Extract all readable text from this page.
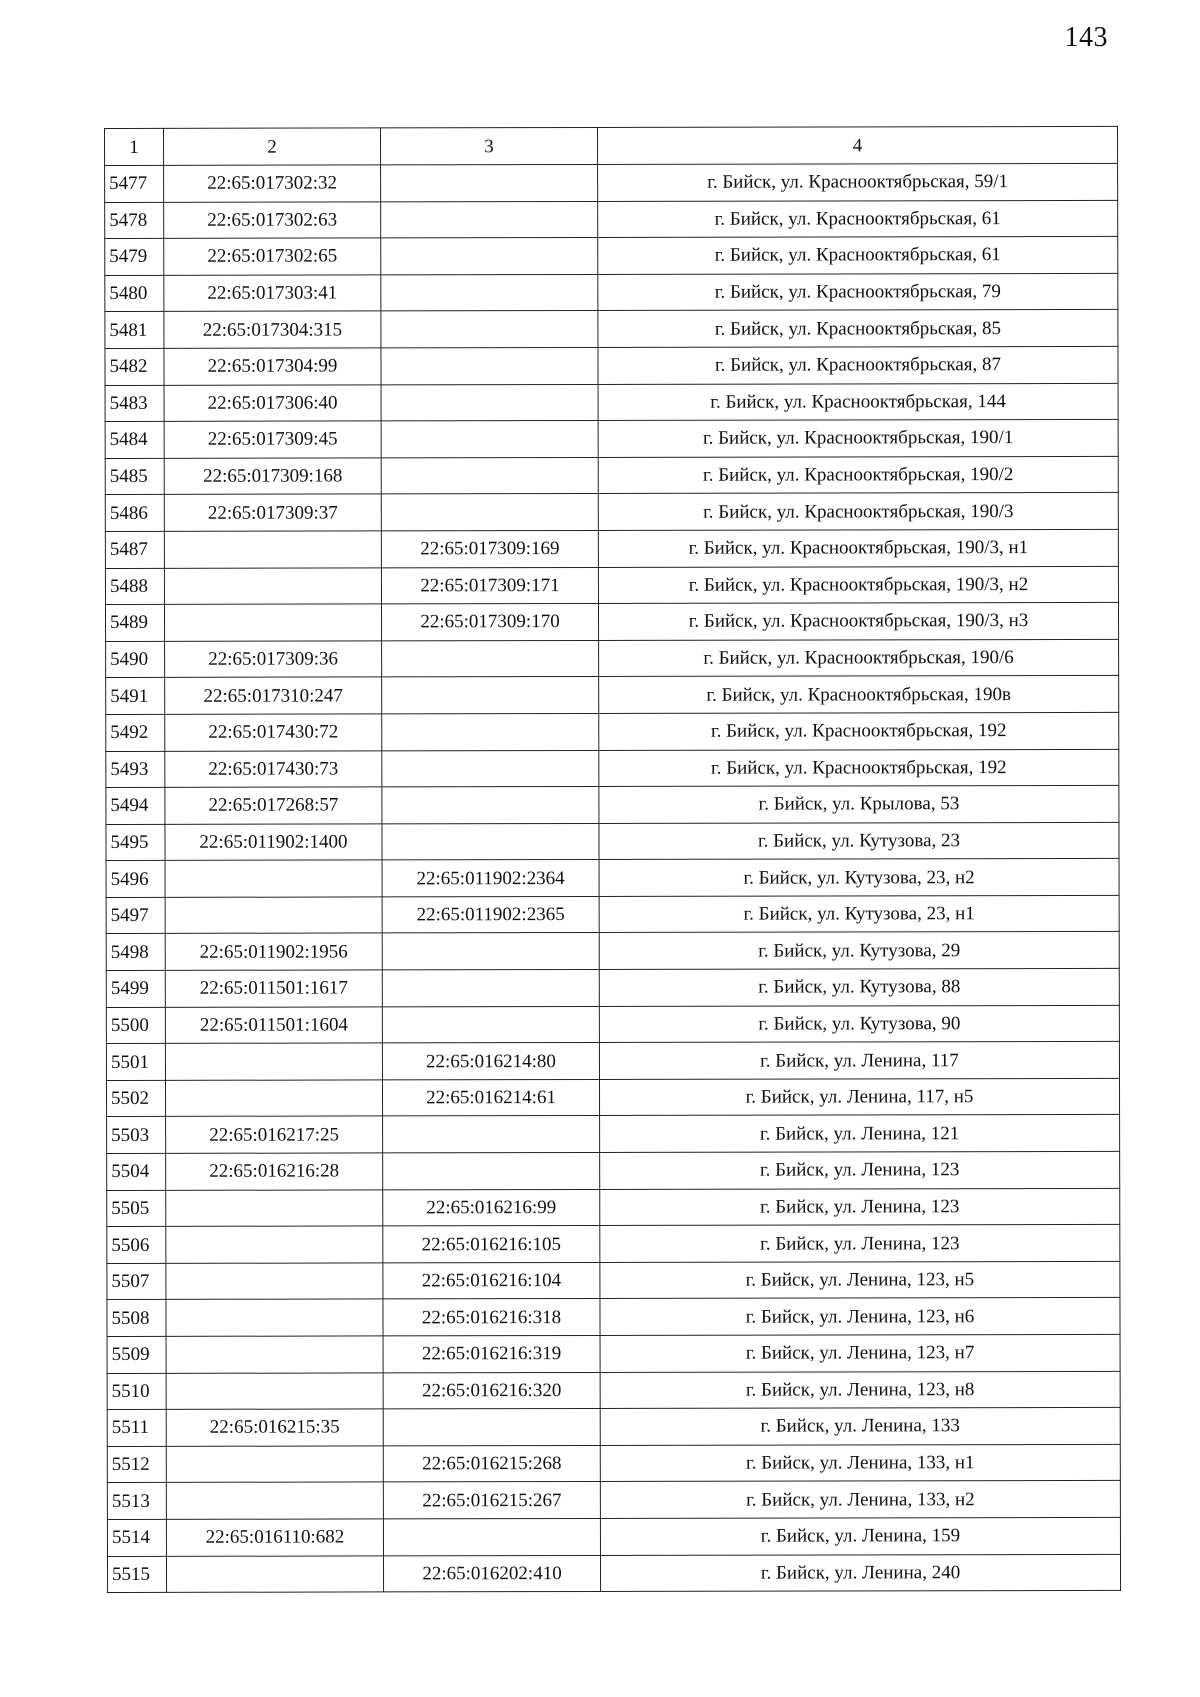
143
1	2	3	4
5477	22:65:017302:32		г. Бийск, ул. Краснооктябрьская, 59/1
5478	22:65:017302:63		г. Бийск, ул. Краснооктябрьская, 61
5479	22:65:017302:65		г. Бийск, ул. Краснооктябрьская, 61
5480	22:65:017303:41		г. Бийск, ул. Краснооктябрьская, 79
5481	22:65:017304:315		г. Бийск, ул. Краснооктябрьская, 85
5482	22:65:017304:99		г. Бийск, ул. Краснооктябрьская, 87
5483	22:65:017306:40		г. Бийск, ул. Краснооктябрьская, 144
5484	22:65:017309:45		г. Бийск, ул. Краснооктябрьская, 190/1
5485	22:65:017309:168		г. Бийск, ул. Краснооктябрьская, 190/2
5486	22:65:017309:37		г. Бийск, ул. Краснооктябрьская, 190/3
5487		22:65:017309:169	г. Бийск, ул. Краснооктябрьская, 190/3, н1
5488		22:65:017309:171	г. Бийск, ул. Краснооктябрьская, 190/3, н2
5489		22:65:017309:170	г. Бийск, ул. Краснооктябрьская, 190/3, н3
5490	22:65:017309:36		г. Бийск, ул. Краснооктябрьская, 190/6
5491	22:65:017310:247		г. Бийск, ул. Краснооктябрьская, 190в
5492	22:65:017430:72		г. Бийск, ул. Краснооктябрьская, 192
5493	22:65:017430:73		г. Бийск, ул. Краснооктябрьская, 192
5494	22:65:017268:57		г. Бийск, ул. Крылова, 53
5495	22:65:011902:1400		г. Бийск, ул. Кутузова, 23
5496		22:65:011902:2364	г. Бийск, ул. Кутузова, 23, н2
5497		22:65:011902:2365	г. Бийск, ул. Кутузова, 23, н1
5498	22:65:011902:1956		г. Бийск, ул. Кутузова, 29
5499	22:65:011501:1617		г. Бийск, ул. Кутузова, 88
5500	22:65:011501:1604		г. Бийск, ул. Кутузова, 90
5501		22:65:016214:80	г. Бийск, ул. Ленина, 117
5502		22:65:016214:61	г. Бийск, ул. Ленина, 117, н5
5503	22:65:016217:25		г. Бийск, ул. Ленина, 121
5504	22:65:016216:28		г. Бийск, ул. Ленина, 123
5505		22:65:016216:99	г. Бийск, ул. Ленина, 123
5506		22:65:016216:105	г. Бийск, ул. Ленина, 123
5507		22:65:016216:104	г. Бийск, ул. Ленина, 123, н5
5508		22:65:016216:318	г. Бийск, ул. Ленина, 123, н6
5509		22:65:016216:319	г. Бийск, ул. Ленина, 123, н7
5510		22:65:016216:320	г. Бийск, ул. Ленина, 123, н8
5511	22:65:016215:35		г. Бийск, ул. Ленина, 133
5512		22:65:016215:268	г. Бийск, ул. Ленина, 133, н1
5513		22:65:016215:267	г. Бийск, ул. Ленина, 133, н2
5514	22:65:016110:682		г. Бийск, ул. Ленина, 159
5515		22:65:016202:410	г. Бийск, ул. Ленина, 240
